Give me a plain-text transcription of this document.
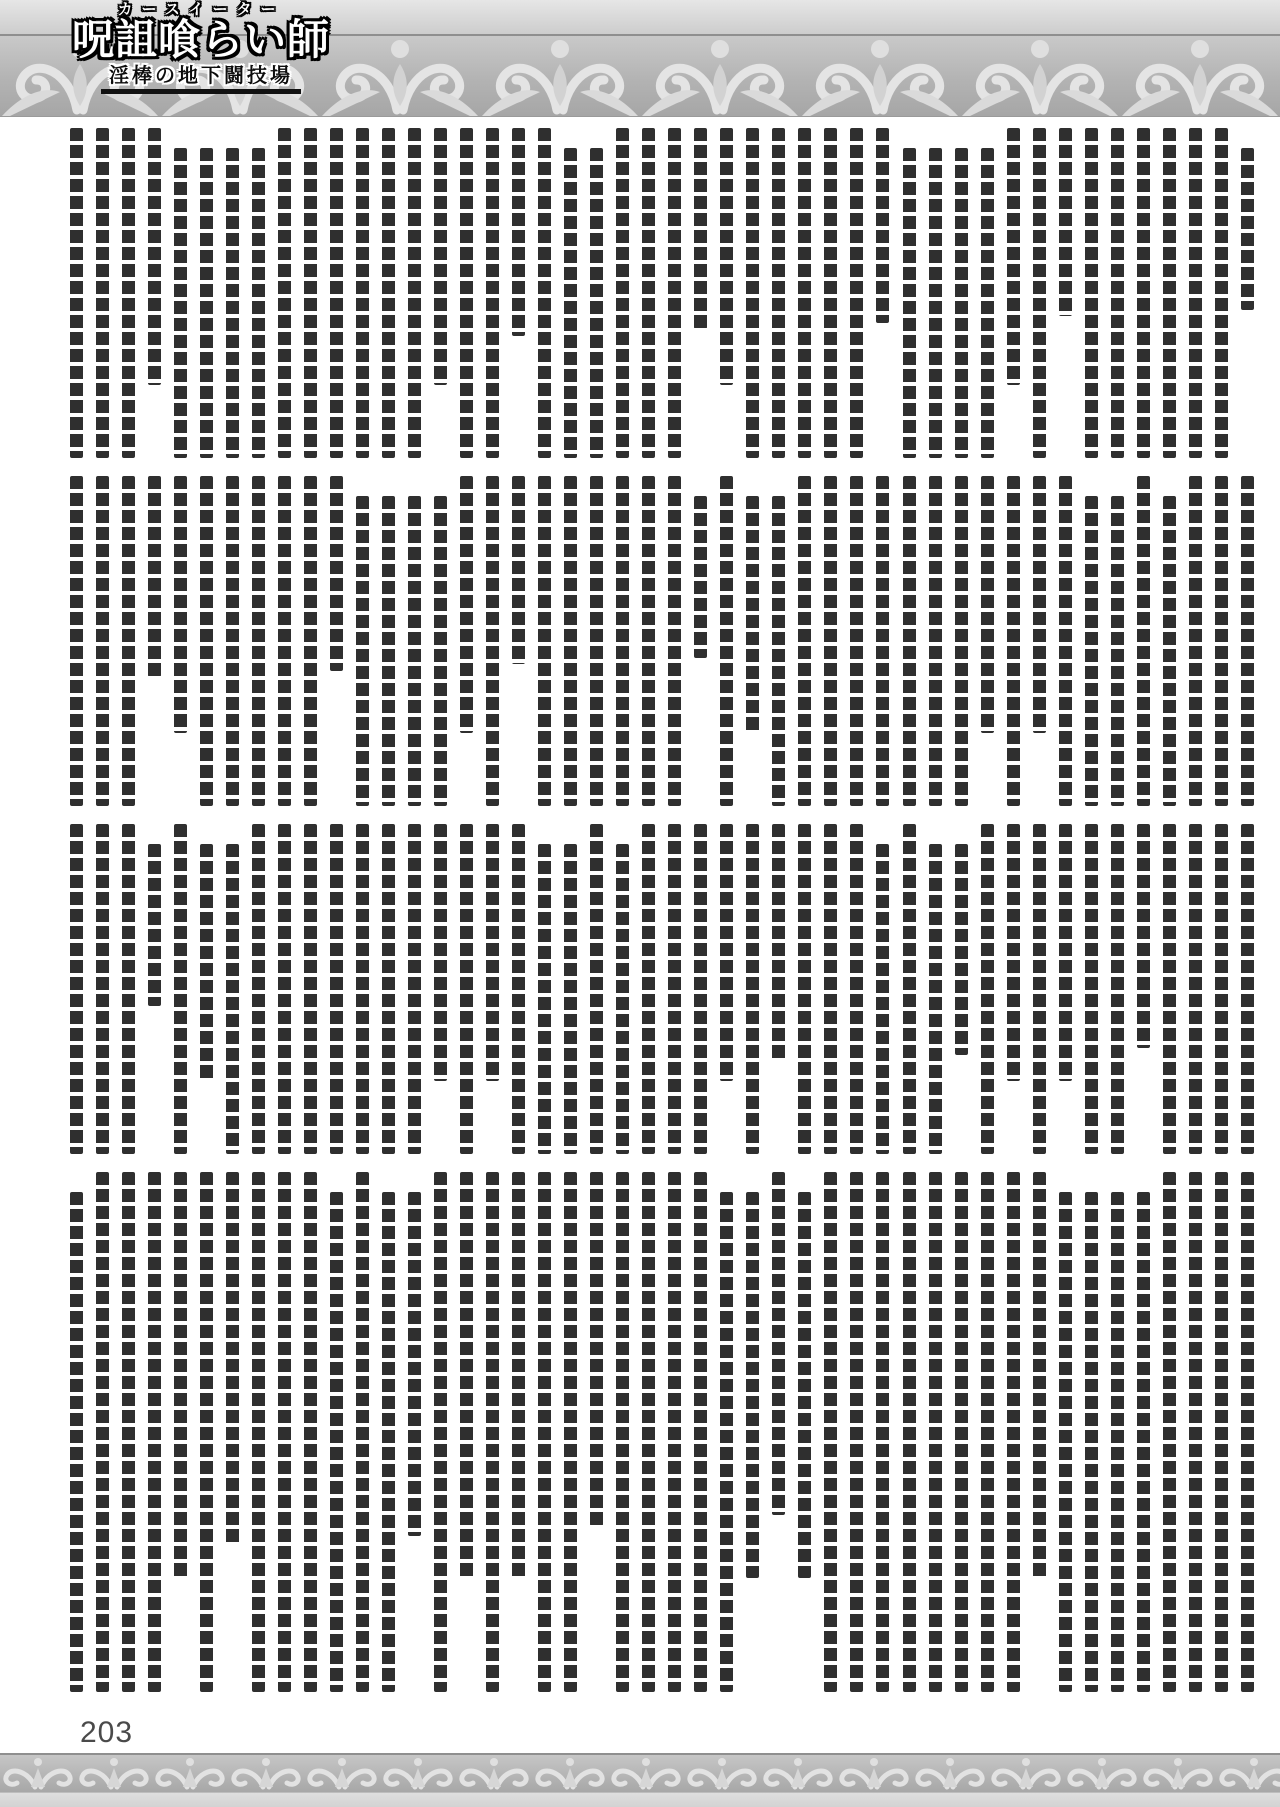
カースイーター
呪詛喰らい師
淫棒の地下闘技場
203
